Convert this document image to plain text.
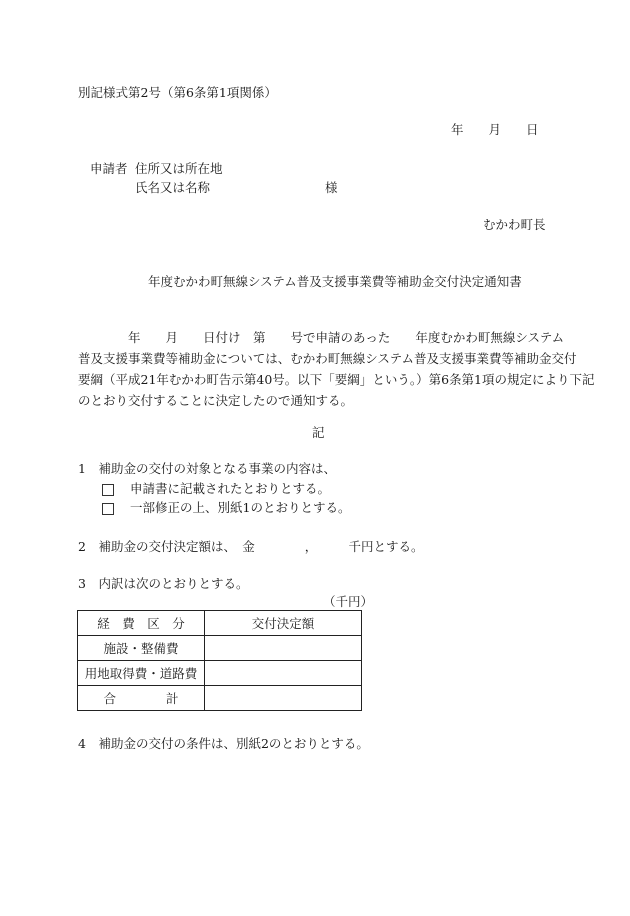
別記様式第2号（第6条第1項関係）
年　　月　　日
申請者 住所又は所在地
氏名又は名称	様
むかわ町長
年度むかわ町無線システム普及支援事業費等補助金交付決定通知書
　　　　年　　月　　日付け　第　　号で申請のあった　　年度むかわ町無線システム
普及支援事業費等補助金については、むかわ町無線システム普及支援事業費等補助金交付
要綱（平成21年むかわ町告示第40号。以下「要綱」という。）第6条第1項の規定により下記
のとおり交付することに決定したので通知する。
記
1　補助金の交付の対象となる事業の内容は、
申請書に記載されたとおりとする。
一部修正の上、別紙1のとおりとする。
2　補助金の交付決定額は、　金　　　　，　　　千円とする。
3　内訳は次のとおりとする。
（千円）
経　費　区　分	交付決定額
施設・整備費	
用地取得費・道路費	
合　　　　計	
4　補助金の交付の条件は、別紙2のとおりとする。
